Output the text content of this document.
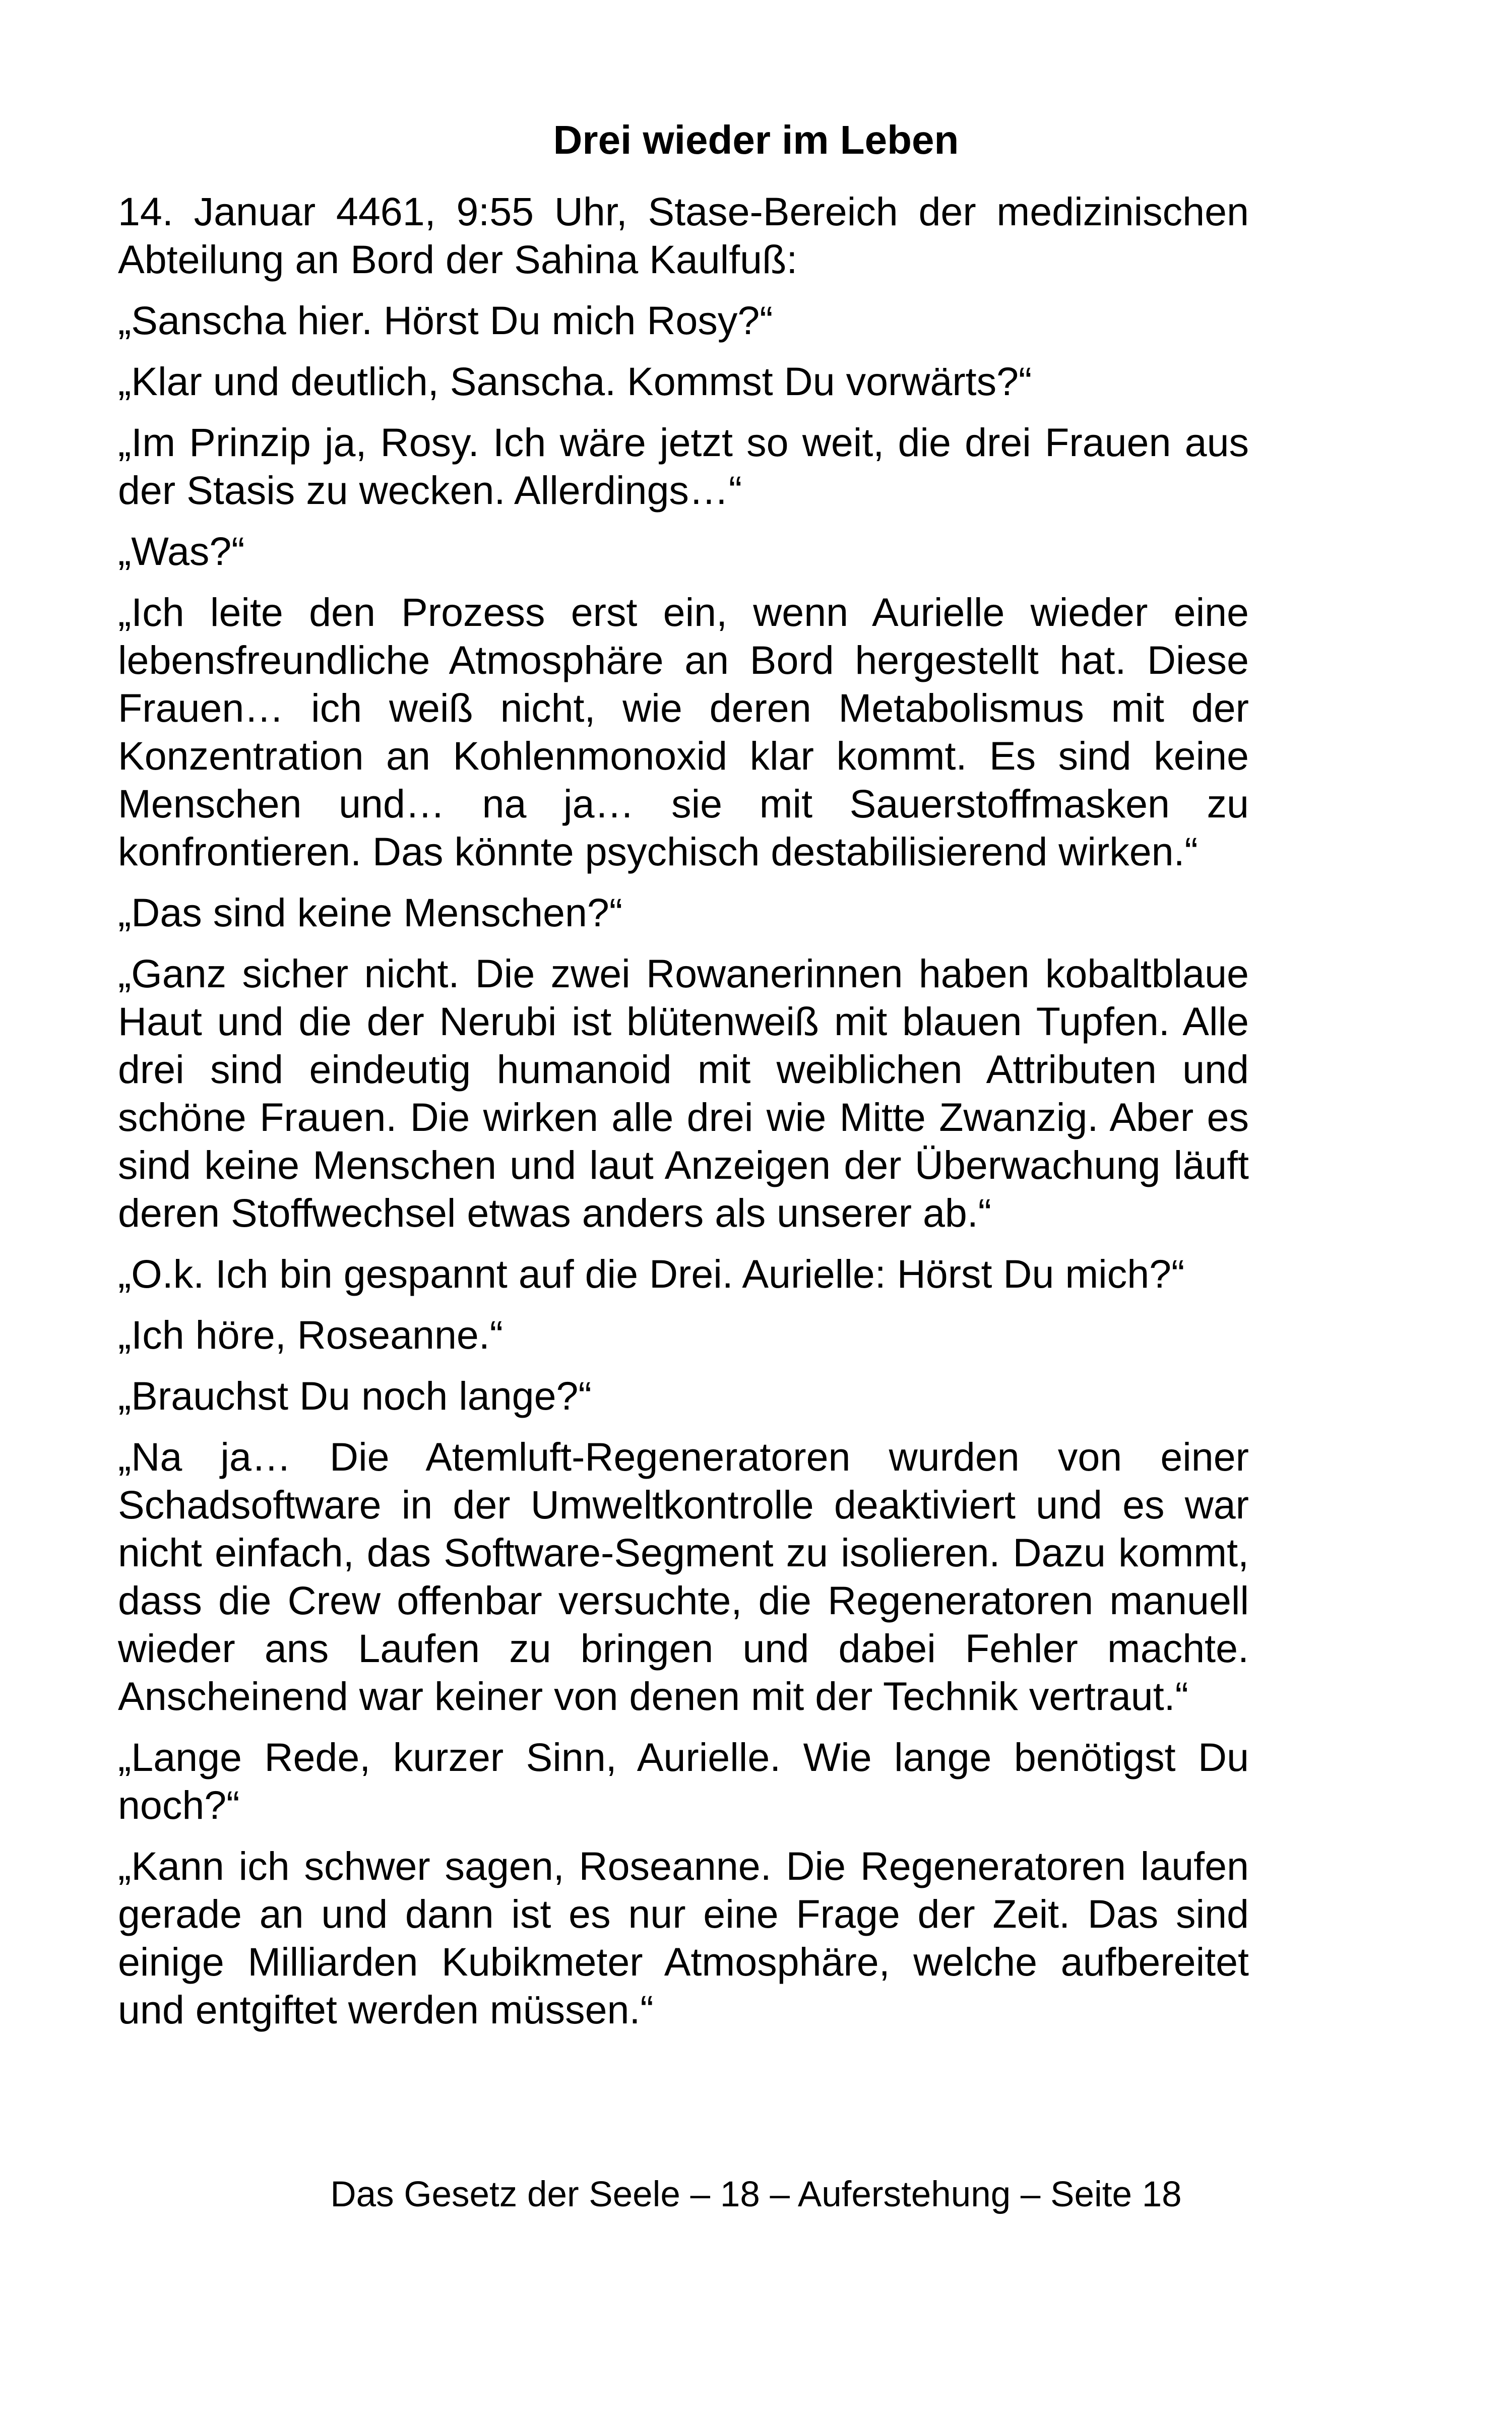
Drei wieder im Leben

14. Januar 4461, 9:55 Uhr, Stase-Bereich der medizinischen Abteilung an Bord der Sahina Kaulfuß:

„Sanscha hier. Hörst Du mich Rosy?“

„Klar und deutlich, Sanscha. Kommst Du vorwärts?“

„Im Prinzip ja, Rosy. Ich wäre jetzt so weit, die drei Frauen aus der Stasis zu wecken. Allerdings…“

„Was?“

„Ich leite den Prozess erst ein, wenn Aurielle wieder eine lebensfreundliche Atmosphäre an Bord hergestellt hat. Diese Frauen… ich weiß nicht, wie deren Metabolismus mit der Konzentration an Kohlenmonoxid klar kommt. Es sind keine Menschen und… na ja… sie mit Sauerstoffmasken zu konfrontieren. Das könnte psychisch destabilisierend wirken.“

„Das sind keine Menschen?“

„Ganz sicher nicht. Die zwei Rowanerinnen haben kobaltblaue Haut und die der Nerubi ist blütenweiß mit blauen Tupfen. Alle drei sind eindeutig humanoid mit weiblichen Attributen und schöne Frauen. Die wirken alle drei wie Mitte Zwanzig. Aber es sind keine Menschen und laut Anzeigen der Überwachung läuft deren Stoffwechsel etwas anders als unserer ab.“

„O.k. Ich bin gespannt auf die Drei. Aurielle: Hörst Du mich?“

„Ich höre, Roseanne.“

„Brauchst Du noch lange?“

„Na ja… Die Atemluft-Regeneratoren wurden von einer Schadsoftware in der Umweltkontrolle deaktiviert und es war nicht einfach, das Software-Segment zu isolieren. Dazu kommt, dass die Crew offenbar versuchte, die Regeneratoren manuell wieder ans Laufen zu bringen und dabei Fehler machte. Anscheinend war keiner von denen mit der Technik vertraut.“

„Lange Rede, kurzer Sinn, Aurielle. Wie lange benötigst Du noch?“

„Kann ich schwer sagen, Roseanne. Die Regeneratoren laufen gerade an und dann ist es nur eine Frage der Zeit. Das sind einige Milliarden Kubikmeter Atmosphäre, welche aufbereitet und entgiftet werden müssen.“

Das Gesetz der Seele – 18 – Auferstehung – Seite 18
